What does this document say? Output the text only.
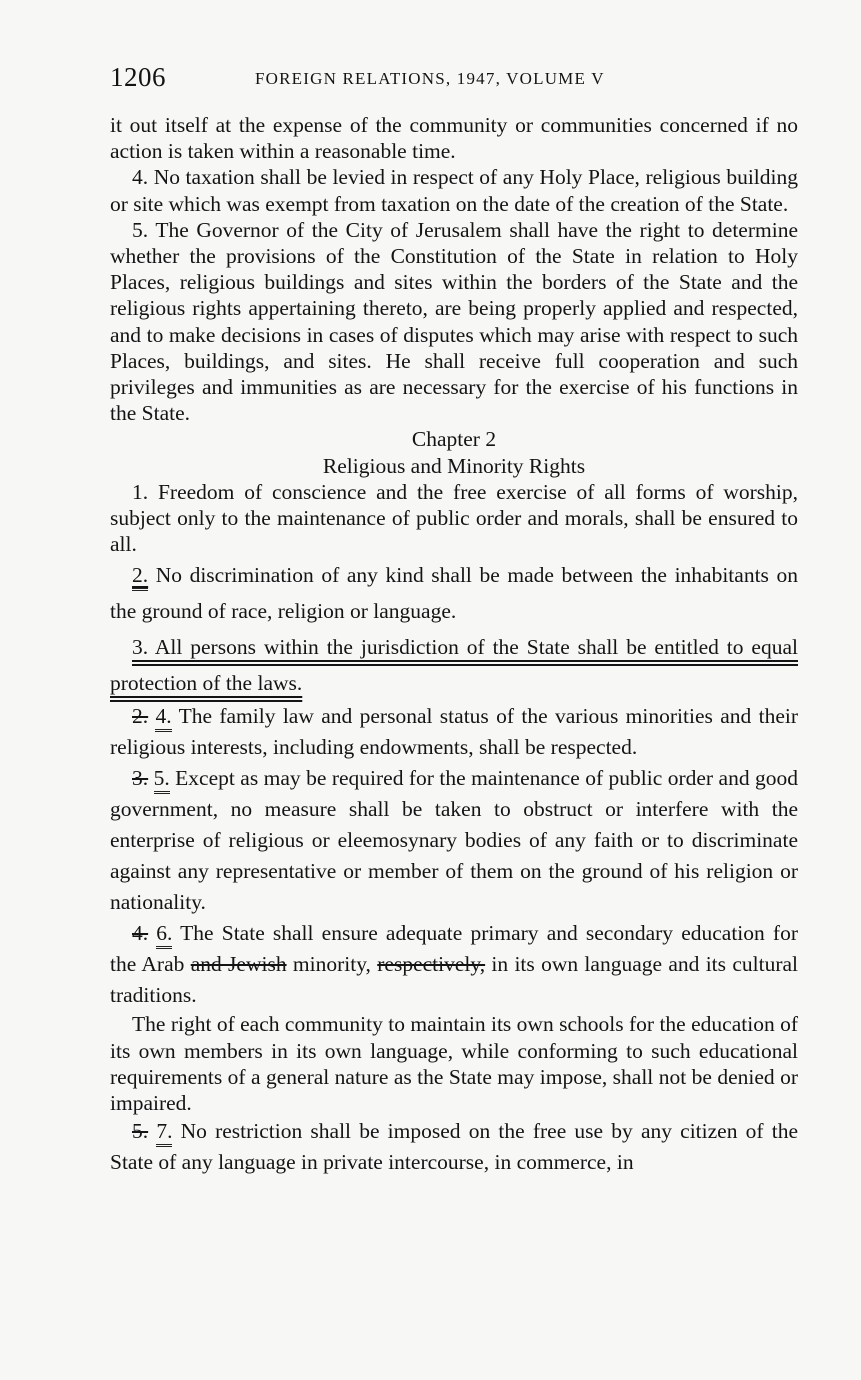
1206	FOREIGN RELATIONS, 1947, VOLUME V

it out itself at the expense of the community or communities concerned if no action is taken within a reasonable time.

4. No taxation shall be levied in respect of any Holy Place, religious building or site which was exempt from taxation on the date of the creation of the State.

5. The Governor of the City of Jerusalem shall have the right to determine whether the provisions of the Constitution of the State in relation to Holy Places, religious buildings and sites within the borders of the State and the religious rights appertaining thereto, are being properly applied and respected, and to make decisions in cases of disputes which may arise with respect to such Places, buildings, and sites. He shall receive full cooperation and such privileges and immunities as are necessary for the exercise of his functions in the State.

Chapter 2

Religious and Minority Rights

1. Freedom of conscience and the free exercise of all forms of worship, subject only to the maintenance of public order and morals, shall be ensured to all.

2. No discrimination of any kind shall be made between the inhabitants on the ground of race, religion or language.

3. All persons within the jurisdiction of the State shall be entitled to equal protection of the laws.

2. 4. The family law and personal status of the various minorities and their religious interests, including endowments, shall be respected.

3. 5. Except as may be required for the maintenance of public order and good government, no measure shall be taken to obstruct or interfere with the enterprise of religious or eleemosynary bodies of any faith or to discriminate against any representative or member of them on the ground of his religion or nationality.

4. 6. The State shall ensure adequate primary and secondary education for the Arab and Jewish minority, respectively, in its own language and its cultural traditions.

The right of each community to maintain its own schools for the education of its own members in its own language, while conforming to such educational requirements of a general nature as the State may impose, shall not be denied or impaired.

5. 7. No restriction shall be imposed on the free use by any citizen of the State of any language in private intercourse, in commerce, in
